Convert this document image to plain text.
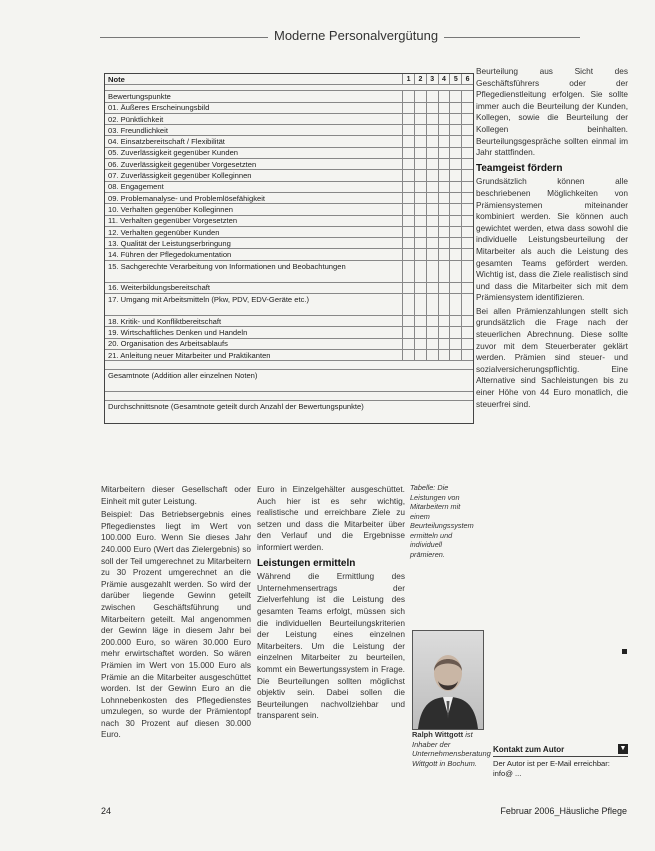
Moderne Personalvergütung
Note	1	2	3	4	5	6
Bewertungspunkte
01. Äußeres Erscheinungsbild
02. Pünktlichkeit
03. Freundlichkeit
04. Einsatzbereitschaft / Flexibilität
05. Zuverlässigkeit gegenüber Kunden
06. Zuverlässigkeit gegenüber Vorgesetzten
07. Zuverlässigkeit gegenüber Kolleginnen
08. Engagement
09. Problemanalyse- und Problemlösefähigkeit
10. Verhalten gegenüber Kolleginnen
11. Verhalten gegenüber Vorgesetzten
12. Verhalten gegenüber Kunden
13. Qualität der Leistungserbringung
14. Führen der Pflegedokumentation
15. Sachgerechte Verarbeitung von Informationen und Beobachtungen
16. Weiterbildungsbereitschaft
17. Umgang mit Arbeitsmitteln (Pkw, PDV, EDV-Geräte etc.)
18. Kritik- und Konfliktbereitschaft
19. Wirtschaftliches Denken und Handeln
20. Organisation des Arbeitsablaufs
21. Anleitung neuer Mitarbeiter und Praktikanten
Gesamtnote (Addition aller einzelnen Noten)
Durchschnittsnote (Gesamtnote geteilt durch Anzahl der Bewertungspunkte)

Beurteilung aus Sicht des Geschäftsführers oder der Pflegedienstleitung erfolgen. Sie sollte immer auch die Beurteilung der Kunden, Kollegen, sowie die Beurteilung der Kollegen beinhalten. Beurteilungsgespräche sollten einmal im Jahr stattfinden.

Teamgeist fördern

Grundsätzlich können alle beschriebenen Möglichkeiten von Prämiensystemen miteinander kombiniert werden. Sie können auch gewichtet werden, etwa dass sowohl die individuelle Leistungsbeurteilung der Mitarbeiter als auch die Leistung des gesamten Teams gefördert werden. Wichtig ist, dass die Ziele realistisch sind und dass die Mitarbeiter sich mit dem Prämiensystem identifizieren.

Bei allen Prämienzahlungen stellt sich grundsätzlich die Frage nach der steuerlichen Abrechnung. Diese sollte zuvor mit dem Steuerberater geklärt werden. Prämien sind steuer- und sozialversicherungspflichtig. Eine Alternative sind Sachleistungen bis zu einer Höhe von 44 Euro monatlich, die steuerfrei sind.

Mitarbeitern dieser Gesellschaft oder Einheit mit guter Leistung.

Beispiel: Das Betriebsergebnis eines Pflegedienstes liegt im Wert von 100.000 Euro. Wenn Sie dieses Jahr 240.000 Euro (Wert das Zielergebnis) so soll der Teil umgerechnet zu Mitarbeitern zu 30 Prozent umgerechnet an die Prämie ausgezahlt werden. So wird der darüber liegende Gewinn geteilt zwischen Geschäftsführung und Mitarbeitern geteilt. Mal angenommen der Gewinn läge in diesem Jahr bei 200.000 Euro, so wären 30.000 Euro mehr erwirtschaftet worden. So wären Prämien im Wert von 15.000 Euro als Prämie an die Mitarbeiter ausgeschüttet worden. Ist der Gewinn Euro an die Lohnnebenkosten des Pflegedienstes umzulegen, so wurde der Prämientopf nach 30 Prozent auf diesen 30.000 Euro.

Euro in Einzelgehälter ausgeschüttet. Auch hier ist es sehr wichtig, realistische und erreichbare Ziele zu setzen und dass die Mitarbeiter über den Verlauf und die Ergebnisse informiert werden.

Leistungen ermitteln

Während die Ermittlung des Unternehmensertrags der Zielverfehlung ist die Leistung des gesamten Teams erfolgt, müssen sich die individuellen Beurteilungskriterien der Leistung eines einzelnen Mitarbeiters. Um die Leistung der einzelnen Mitarbeiter zu beurteilen, kommt ein Bewertungssystem in Frage. Die Beurteilungen sollten möglichst objektiv sein. Dabei sollen die Beurteilungen nachvollziehbar und transparent sein.

Tabelle: Die Leistungen von Mitarbeitern mit einem Beurteilungssystem ermitteln und individuell prämieren.
Ralph Wittgott ist Inhaber der Unternehmensberatung Wittgott in Bochum.
Kontakt zum Autor	▼
Der Autor ist per E-Mail erreichbar: info@ ...
24	Februar 2006_Häusliche Pflege
